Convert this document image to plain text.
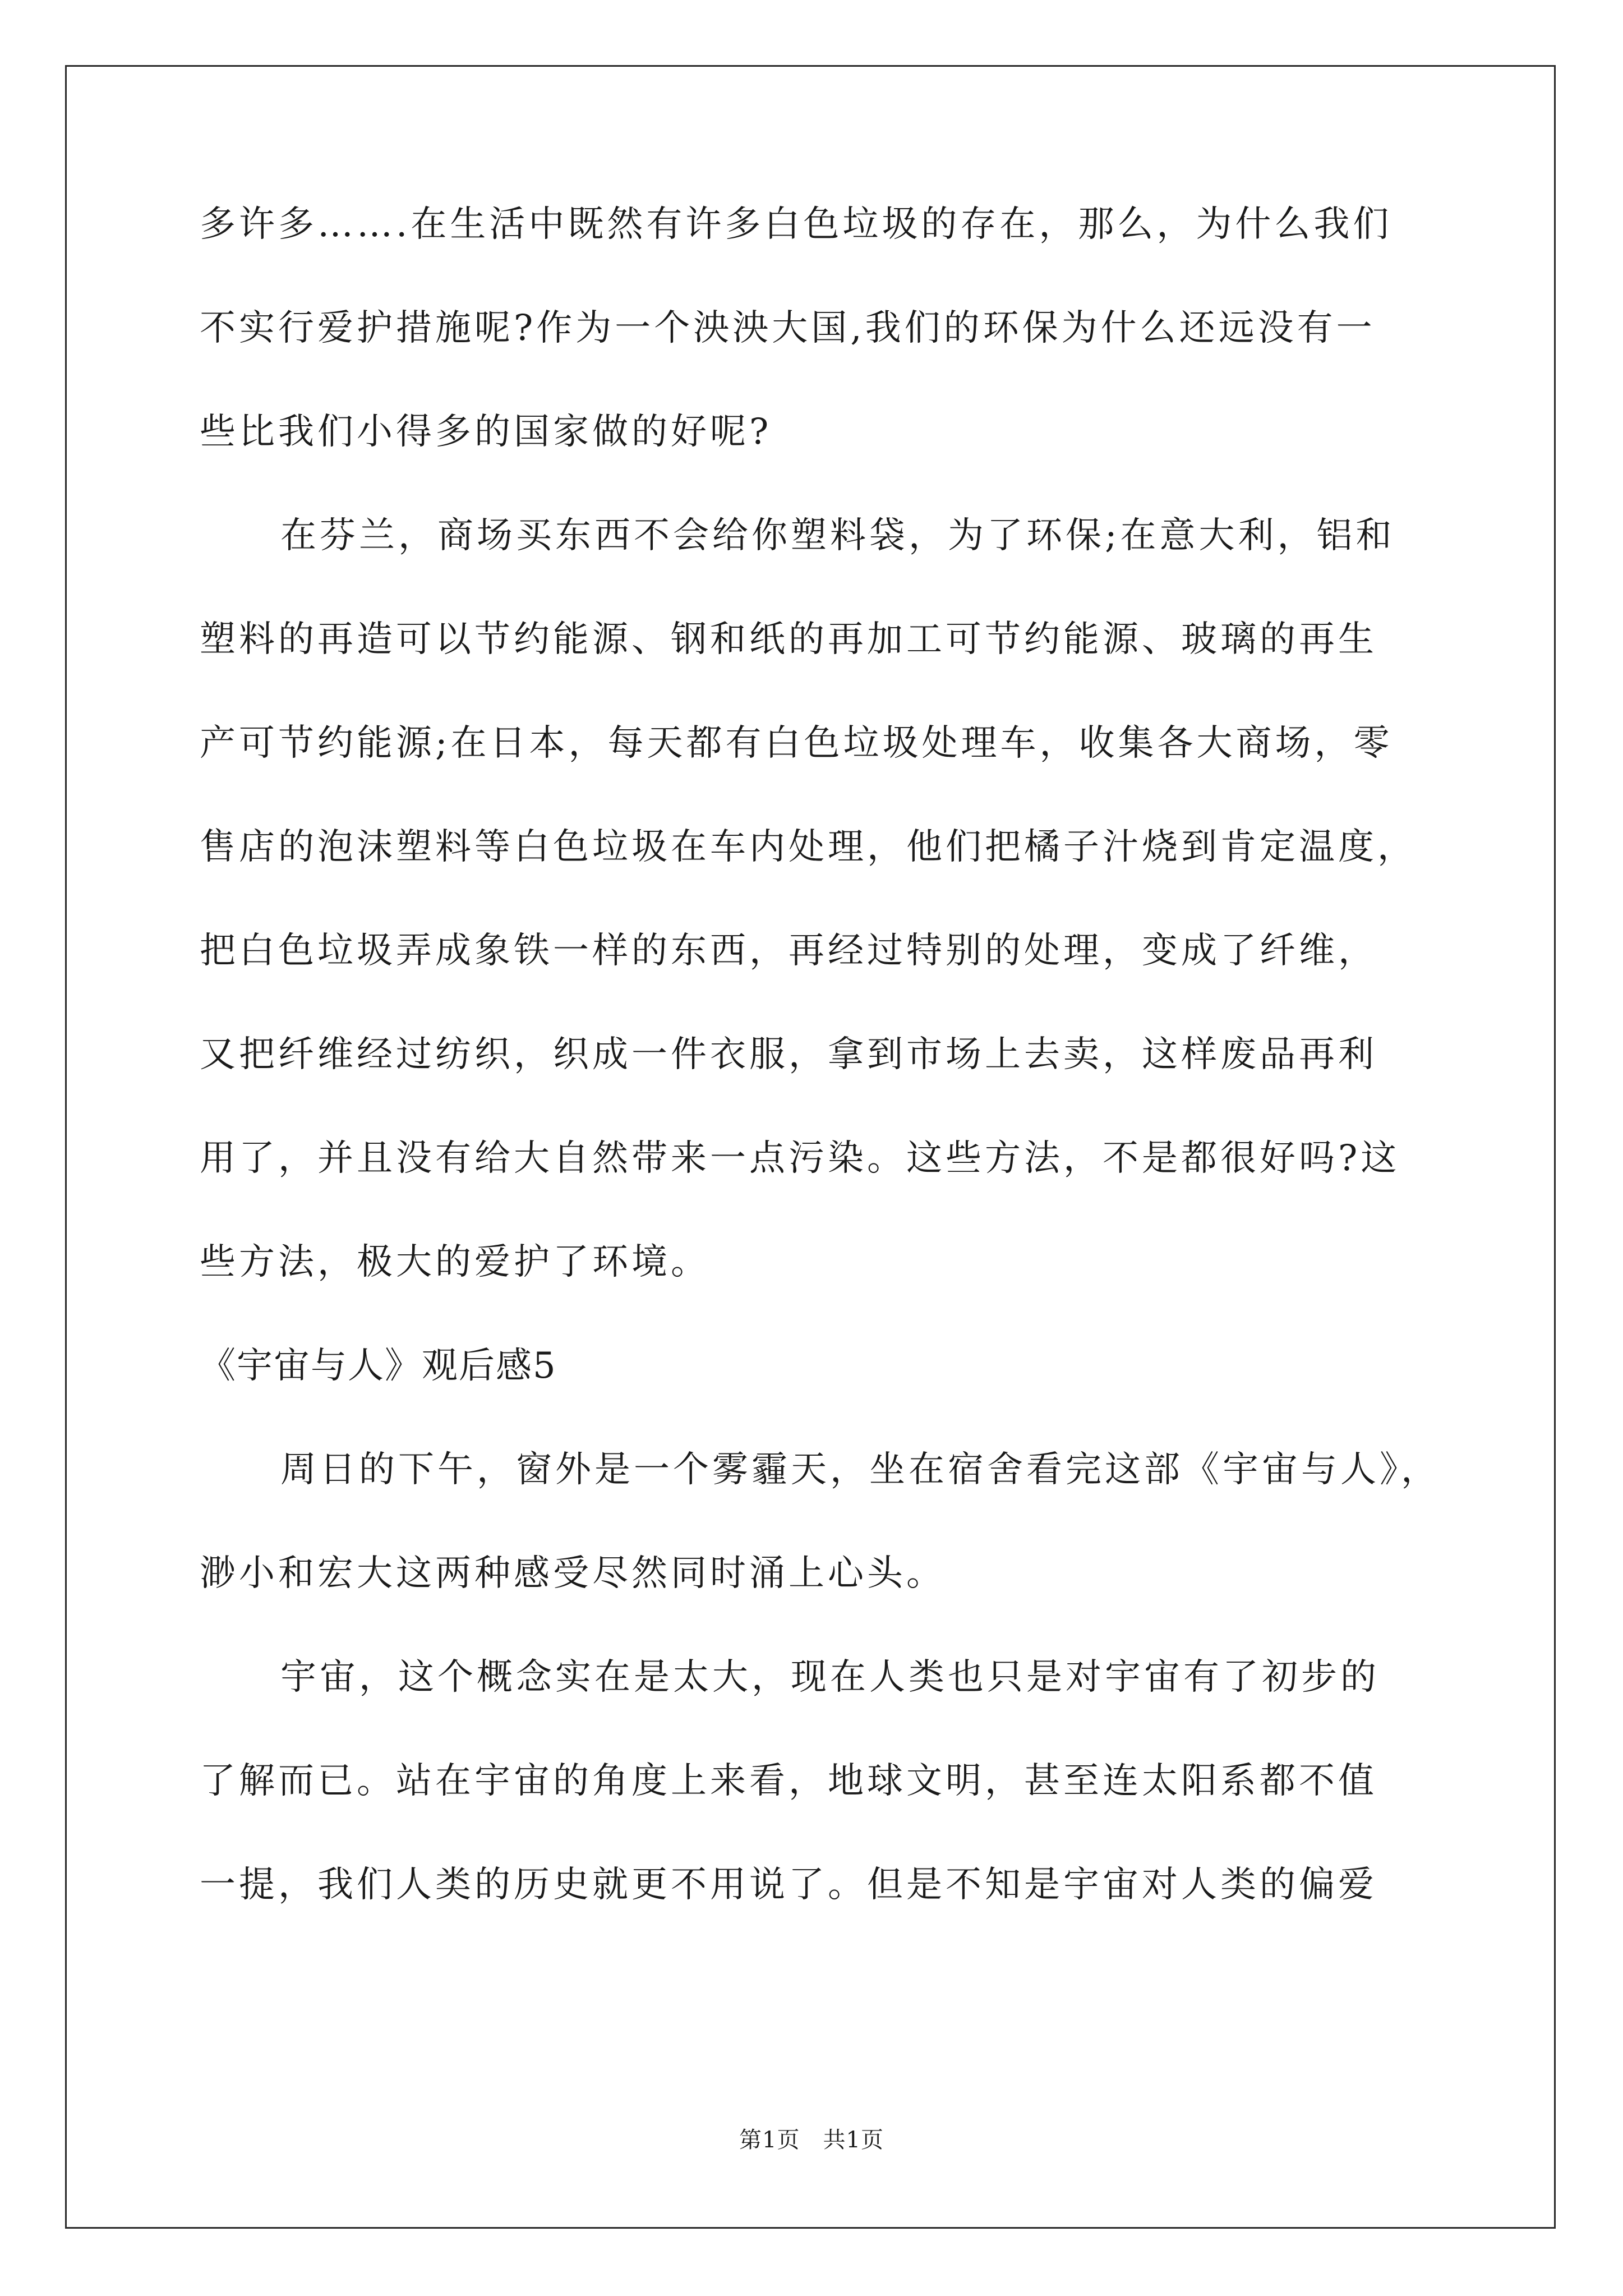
多许多…….在生活中既然有许多白色垃圾的存在，那么，为什么我们
不实行爱护措施呢?作为一个泱泱大国,我们的环保为什么还远没有一
些比我们小得多的国家做的好呢?
在芬兰，商场买东西不会给你塑料袋，为了环保;在意大利，铝和
塑料的再造可以节约能源、钢和纸的再加工可节约能源、玻璃的再生
产可节约能源;在日本，每天都有白色垃圾处理车，收集各大商场，零
售店的泡沫塑料等白色垃圾在车内处理，他们把橘子汁烧到肯定温度，
把白色垃圾弄成象铁一样的东西，再经过特别的处理，变成了纤维，
又把纤维经过纺织，织成一件衣服，拿到市场上去卖，这样废品再利
用了，并且没有给大自然带来一点污染。这些方法，不是都很好吗?这
些方法，极大的爱护了环境。
《宇宙与人》观后感5
周日的下午，窗外是一个雾霾天，坐在宿舍看完这部《宇宙与人》，
渺小和宏大这两种感受尽然同时涌上心头。
宇宙，这个概念实在是太大，现在人类也只是对宇宙有了初步的
了解而已。站在宇宙的角度上来看，地球文明，甚至连太阳系都不值
一提，我们人类的历史就更不用说了。但是不知是宇宙对人类的偏爱
第1页　共1页
